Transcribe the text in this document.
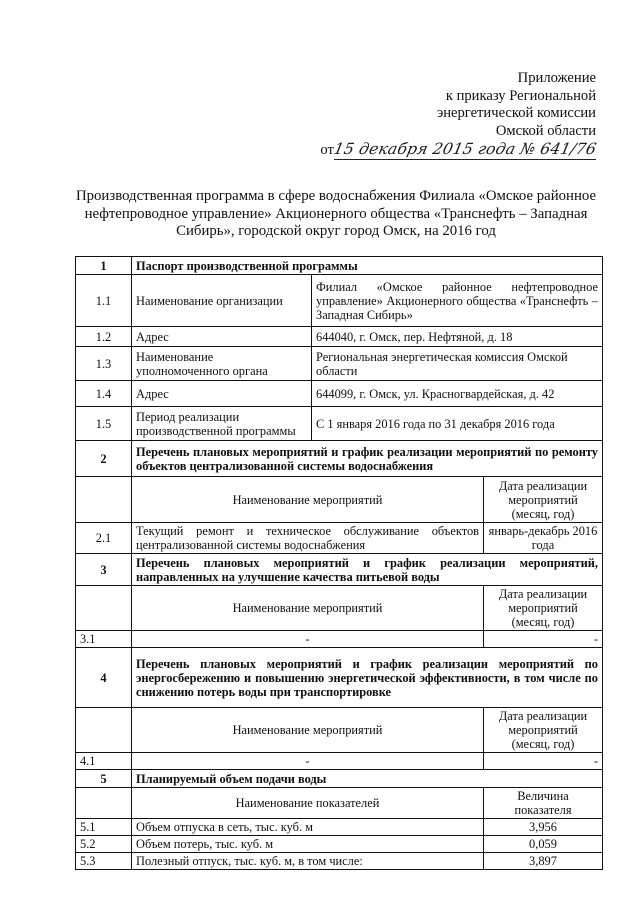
Приложение
к приказу Региональной
энергетической комиссии
Омской области
от15 декабря 2015 года № 641/76
Производственная программа в сфере водоснабжения Филиала «Омское районное нефтепроводное управление» Акционерного общества «Транснефть – Западная Сибирь», городской округ город Омск, на 2016 год
1	Паспорт производственной программы		
1.1	Наименование организации	Филиал «Омское районное нефтепроводное управление» Акционерного общества «Транснефть – Западная Сибирь»	
1.2	Адрес	644040, г. Омск, пер. Нефтяной, д. 18	
1.3	Наименование уполномоченного органа	Региональная энергетическая комиссия Омской области	
1.4	Адрес	644099, г. Омск, ул. Красногвардейская, д. 42	
1.5	Период реализации производственной программы	С 1 января 2016 года по 31 декабря 2016 года	
2	Перечень плановых мероприятий и график реализации мероприятий по ремонту объектов централизованной системы водоснабжения		
	Наименование мероприятий		Дата реализации мероприятий (месяц, год)
2.1	Текущий ремонт и техническое обслуживание объектов централизованной системы водоснабжения		январь-декабрь 2016 года
3	Перечень плановых мероприятий и график реализации мероприятий, направленных на улучшение качества питьевой воды		
	Наименование мероприятий		Дата реализации мероприятий (месяц, год)
3.1	-		-
4	Перечень плановых мероприятий и график реализации мероприятий по энергосбережению и повышению энергетической эффективности, в том числе по снижению потерь воды при транспортировке		
	Наименование мероприятий		Дата реализации мероприятий (месяц, год)
4.1	-		-
5	Планируемый объем подачи воды		
	Наименование показателей		Величина показателя
5.1	Объем отпуска в сеть, тыс. куб. м		3,956
5.2	Объем потерь, тыс. куб. м		0,059
5.3	Полезный отпуск, тыс. куб. м, в том числе:		3,897
